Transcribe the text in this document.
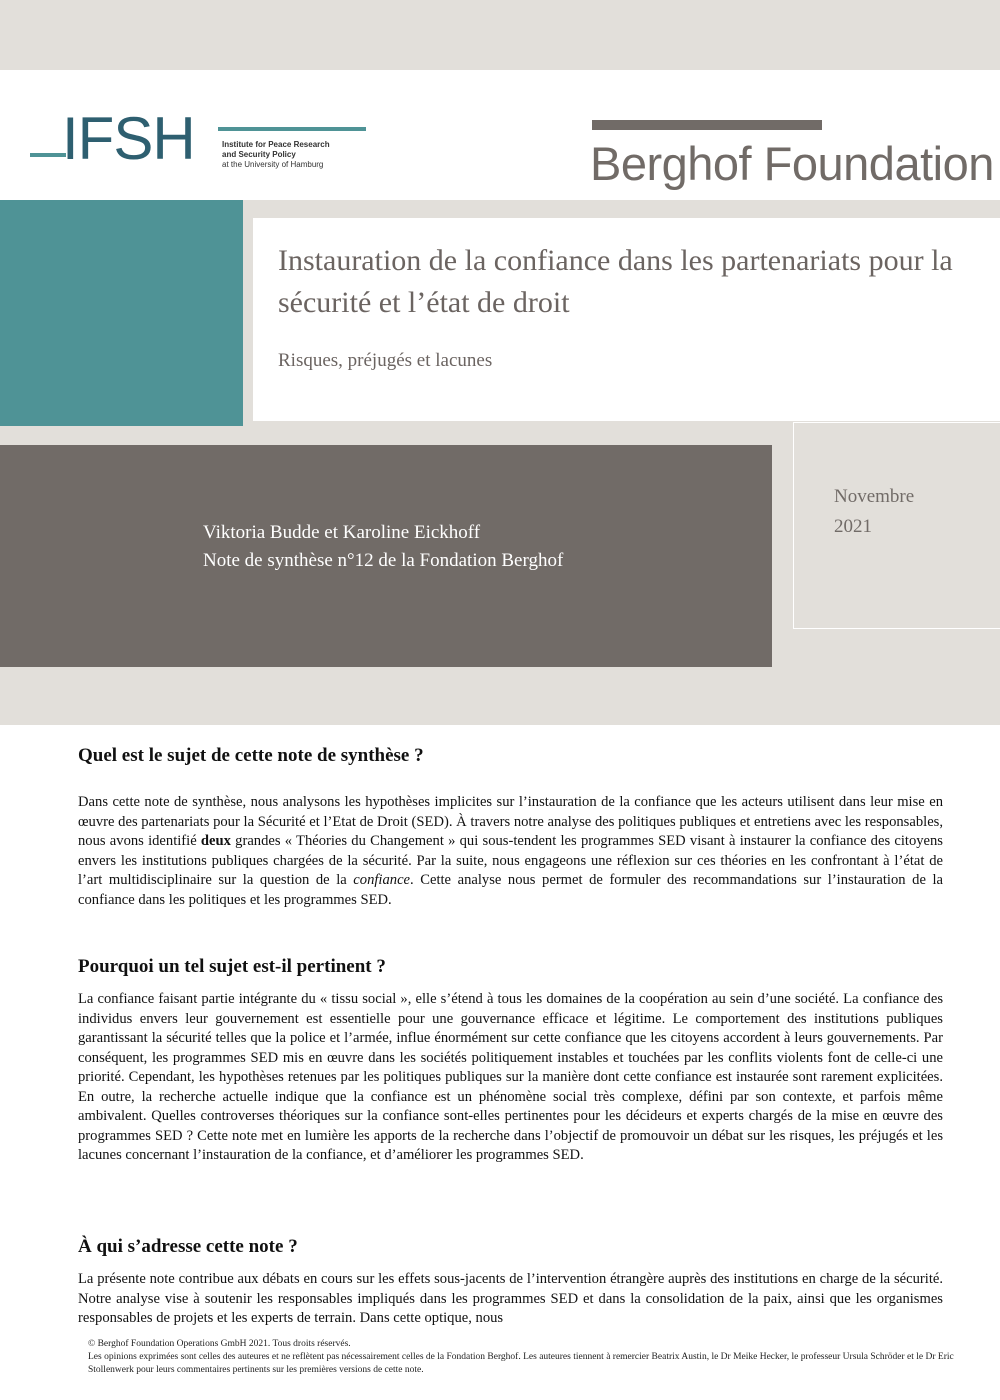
IFSH	Institute for Peace Research
and Security Policy
at the University of Hamburg	Berghof Foundation
Instauration de la confiance dans les partenariats pour la sécurité et l’état de droit
Risques, préjugés et lacunes
Viktoria Budde et Karoline Eickhoff
Note de synthèse n°12 de la Fondation Berghof
Novembre
2021
Quel est le sujet de cette note de synthèse ?

Dans cette note de synthèse, nous analysons les hypothèses implicites sur l’instauration de la confiance que les acteurs utilisent dans leur mise en œuvre des partenariats pour la Sécurité et l’Etat de Droit (SED). À travers notre analyse des politiques publiques et entretiens avec les responsables, nous avons identifié deux grandes « Théories du Changement » qui sous-tendent les programmes SED visant à instaurer la confiance des citoyens envers les institutions publiques chargées de la sécurité. Par la suite, nous engageons une réflexion sur ces théories en les confrontant à l’état de l’art multidisciplinaire sur la question de la confiance. Cette analyse nous permet de formuler des recommandations sur l’instauration de la confiance dans les politiques et les programmes SED.

Pourquoi un tel sujet est-il pertinent ?

La confiance faisant partie intégrante du « tissu social », elle s’étend à tous les domaines de la coopération au sein d’une société. La confiance des individus envers leur gouvernement est essentielle pour une gouvernance efficace et légitime. Le comportement des institutions publiques garantissant la sécurité telles que la police et l’armée, influe énormément sur cette confiance que les citoyens accordent à leurs gouvernements. Par conséquent, les programmes SED mis en œuvre dans les sociétés politiquement instables et touchées par les conflits violents font de celle-ci une priorité. Cependant, les hypothèses retenues par les politiques publiques sur la manière dont cette confiance est instaurée sont rarement explicitées. En outre, la recherche actuelle indique que la confiance est un phénomène social très complexe, défini par son contexte, et parfois même ambivalent. Quelles controverses théoriques sur la confiance sont-elles pertinentes pour les décideurs et experts chargés de la mise en œuvre des programmes SED ? Cette note met en lumière les apports de la recherche dans l’objectif de promouvoir un débat sur les risques, les préjugés et les lacunes concernant l’instauration de la confiance, et d’améliorer les programmes SED.

À qui s’adresse cette note ?

La présente note contribue aux débats en cours sur les effets sous-jacents de l’intervention étrangère auprès des institutions en charge de la sécurité. Notre analyse vise à soutenir les responsables impliqués dans les programmes SED et dans la consolidation de la paix, ainsi que les organismes responsables de projets et les experts de terrain. Dans cette optique, nous

© Berghof Foundation Operations GmbH 2021. Tous droits réservés.

Les opinions exprimées sont celles des auteures et ne reflètent pas nécessairement celles de la Fondation Berghof. Les auteures tiennent à remercier Beatrix Austin, le Dr Meike Hecker, le professeur Ursula Schröder et le Dr Eric Stollenwerk pour leurs commentaires pertinents sur les premières versions de cette note.
